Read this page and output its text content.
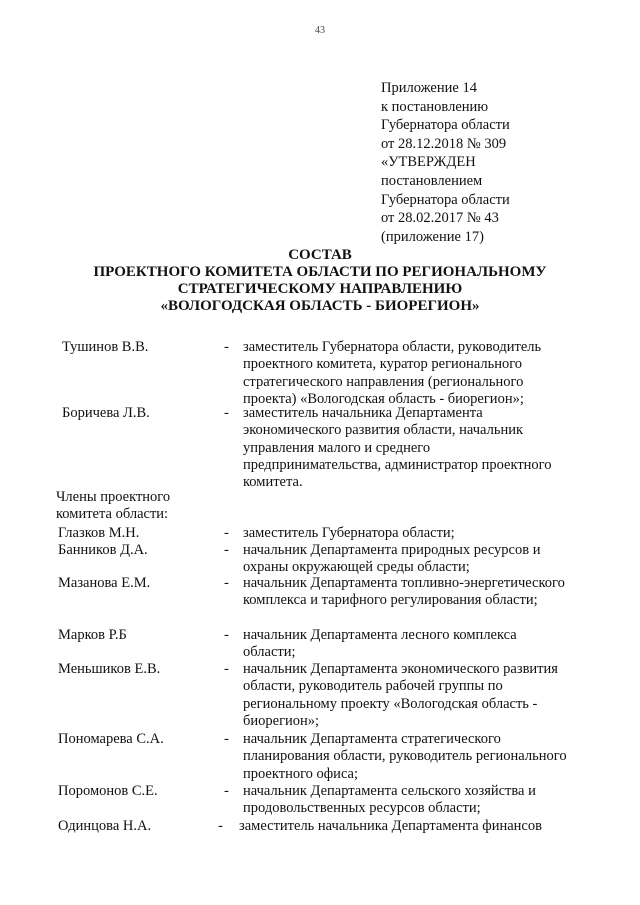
43
Приложение 14
к постановлению
Губернатора области
от 28.12.2018 № 309
«УТВЕРЖДЕН
постановлением
Губернатора области
от 28.02.2017 № 43
(приложение 17)
СОСТАВ
ПРОЕКТНОГО КОМИТЕТА ОБЛАСТИ ПО РЕГИОНАЛЬНОМУ
СТРАТЕГИЧЕСКОМУ НАПРАВЛЕНИЮ
«ВОЛОГОДСКАЯ ОБЛАСТЬ - БИОРЕГИОН»
Тушинов В.В.	- заместитель Губернатора области, руководитель проектного комитета, куратор регионального стратегического направления (регионального проекта) «Вологодская область - биорегион»;
Боричева Л.В.	- заместитель начальника Департамента экономического развития области, начальник управления малого и среднего предпринимательства, администратор проектного комитета.
Члены проектного
комитета области:
Глазков М.Н.	- заместитель Губернатора области;
Банников Д.А.	- начальник Департамента природных ресурсов и охраны окружающей среды области;
Мазанова Е.М.	- начальник Департамента топливно-энергетического комплекса и тарифного регулирования области;
Марков Р.Б	- начальник Департамента лесного комплекса области;
Меньшиков Е.В.	- начальник Департамента экономического развития области, руководитель рабочей группы по региональному проекту «Вологодская область - биорегион»;
Пономарева С.А.	- начальник Департамента стратегического планирования области, руководитель регионального проектного офиса;
Поромонов С.Е.	- начальник Департамента сельского хозяйства и продовольственных ресурсов области;
Одинцова Н.А.	- заместитель начальника Департамента финансов
